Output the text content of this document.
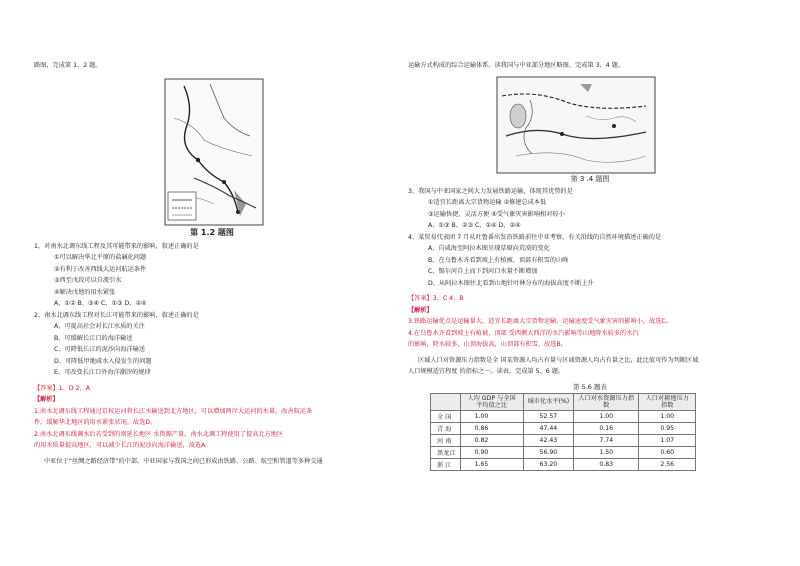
路图，完成第 1、2 题。

第 1.2 题图

1、对南水北调东线工程及其可能带来的影响，叙述正确的是

①可以解决华北平原的盐碱化问题

②有利于改善西线大运河航运条件

③西至戊段可以自流引水

④解决戊地的用水紧张

A、①② B、③④ C、①③ D、②④

2、南水北调东线工程对长江可能带来的影响，叙述正确的是

A、可提高社会对长江水质的关注

B、可缓解长江口的海洋输送

C、可降低长江的泥沙向海洋输送

D、可降低甲地咸水入侵发生的问题

E、可改变长江口外海洋潮汐的规律

【答案】1、D 2、A

【解析】

1.南水北调东线工程通过京杭运河将长江水输送到北方地区，可以增加两岸大运河的水量，改善航运条

件，缓解华北地区的用水紧张状况。故选D。

2.南水北调东线调水后若受到的则延长地区 水资源产量。南水北调工程使用了提高北方地区

的用水质量提高地区，可以减少长江的泥沙向海洋输送，故选A。

中亚位于“丝绸之路经济带”的中部，中亚国家与我国之间已形成由铁路、公路、航空和管道等多种交通

运输方式构成的综合运输体系。读我国与中亚部分地区略图，完成第 3、4 题。

第 3 .4 题图

3、我国与中亚国家之间大力发展铁路运输，体现其优势的是

①适宜长距离大宗货物运输 ②修建总成本低

③运输快捷，灵活方便 ④受气象灾害影响相对较小

A、①③ B、②③ C、①④ D、②④

4、某贸易代表团 7 月从吐鲁番出发沿铁路前往中亚考察，有关沿线的自然环境描述正确的是

A、自咸海至阿拉木图呈现草原向荒漠的变化

B、在乌鲁木齐看到坡上有植被、顶部有积雪的山峰

C、锡尔河自上而下到河口水量不断增加

D、从阿拉木图往北看到山地针叶林分布的海拔高度不断上升

【答案】3、C 4、B

【解析】

3.铁路运输优点是运输量大，适宜长距离大宗货物运输，运输速度受气象灾害的影响小，故选C。

4.在乌鲁木齐看到坡上有植被，顶部 受西侧大西洋的水汽影响等山地降水较多的水汽

的影响，降水较多，山顶海拔高，山顶部有积雪，故选B。

区域人口对资源压力指数是全 国某资源人均占有量与区域资源人均占有量之比，此比值可作为判断区域

人口规模适宜程度 的指标之一。读表，完成第 5、6 题。

第 5.6 题表
	人均 GDP 与全国平均值之比	城市化水平(%)	人口对水资源压力指数	人口对耕地压力指数
全 国	1.00	52.57	1.00	1.00
青 海	0.86	47.44	0.16	0.95
河 南	0.82	42.43	7.74	1.07
黑龙江	0.90	56.90	1.50	0.60
浙 江	1.65	63.20	0.83	2.56
